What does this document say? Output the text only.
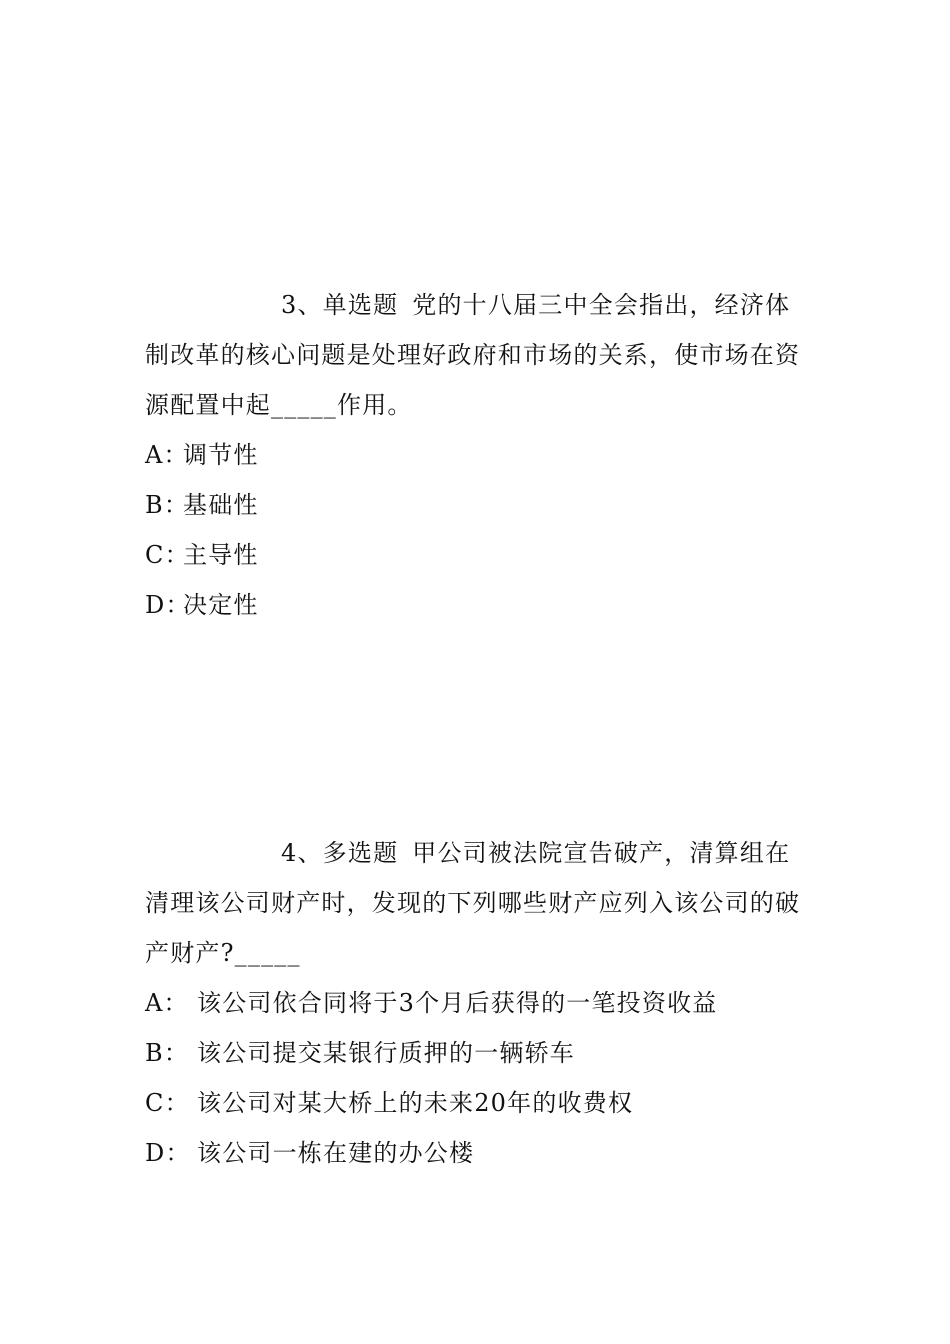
3、单选题 党的十八届三中全会指出，经济体制改革的核心问题是处理好政府和市场的关系，使市场在资源配置中起_____作用。

A：调节性

B：基础性

C：主导性

D：决定性

4、多选题 甲公司被法院宣告破产，清算组在清理该公司财产时，发现的下列哪些财产应列入该公司的破产财产?_____

A： 该公司依合同将于3个月后获得的一笔投资收益

B： 该公司提交某银行质押的一辆轿车

C： 该公司对某大桥上的未来20年的收费权

D： 该公司一栋在建的办公楼
